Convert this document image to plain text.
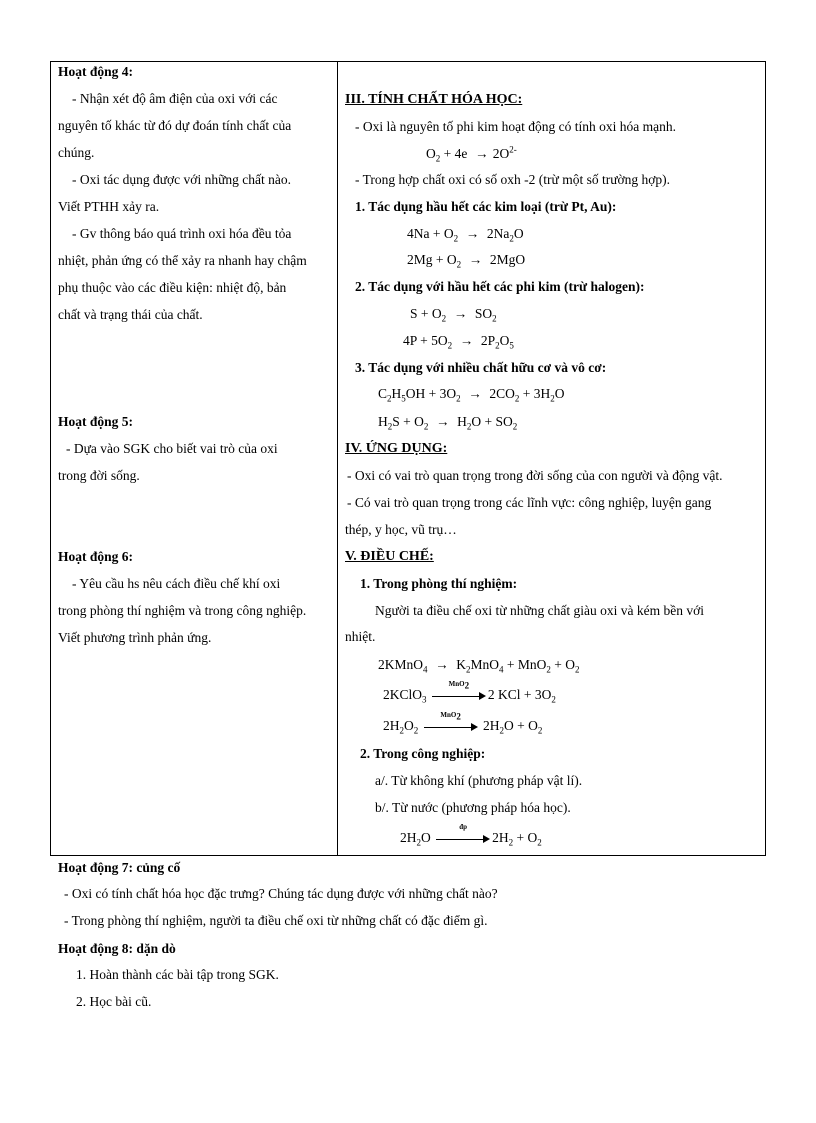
Hoạt động 4:
- Nhận xét độ âm điện của oxi với các
nguyên tố khác từ đó dự đoán tính chất của
chúng.
- Oxi tác dụng được với những chất nào.
Viết PTHH xảy ra.
- Gv thông báo quá trình oxi hóa đều tỏa
nhiệt, phản ứng có thể xảy ra nhanh hay chậm
phụ thuộc vào các điều kiện: nhiệt độ, bản
chất và trạng thái của chất.
Hoạt động 5:
- Dựa vào SGK cho biết vai trò của oxi
trong đời sống.
Hoạt động 6:
- Yêu cầu hs nêu cách điều chế khí oxi
trong phòng thí nghiệm và trong công nghiệp.
Viết phương trình phản ứng.
III. TÍNH CHẤT HÓA HỌC:
- Oxi là nguyên tố phi kim hoạt động có tính oxi hóa mạnh.
$O_2 + 4e \to 2O^{2-}$
- Trong hợp chất oxi có số oxh -2 (trừ một số trường hợp).
1. Tác dụng hầu hết các kim loại (trừ Pt, Au):
$4Na + O_2 \to 2Na_2O$
$2Mg + O_2 \to 2MgO$
2. Tác dụng với hầu hết các phi kim (trừ halogen):
$S + O_2 \to SO_2$
$4P + 5O_2 \to 2P_2O_5$
3. Tác dụng với nhiều chất hữu cơ và vô cơ:
$C_2H_5OH + 3O_2 \to 2CO_2 + 3H_2O$
$H_2S + O_2 \to H_2O + SO_2$
IV. ỨNG DỤNG:
- Oxi có vai trò quan trọng trong đời sống của con người và động vật.
- Có vai trò quan trọng trong các lĩnh vực: công nghiệp, luyện gang
thép, y học, vũ trụ…
V. ĐIỀU CHẾ:
1. Trong phòng thí nghiệm:
Người ta điều chế oxi từ những chất giàu oxi và kém bền với
nhiệt.
2KMnO$_4$ → $K_2MnO_4 + MnO_2 + O_2$
2KClO$_3$
MnO$_2$
2 KCl + $3O_2$
$2H_2O_2$
MnO$_2$
$2H_2O + O_2$
2. Trong công nghiệp:
a/. Từ không khí (phương pháp vật lí).
b/. Từ nước (phương pháp hóa học).
$2H_2O$
đp
$2H_2 + O_2$
Hoạt động 7: củng cố
- Oxi có tính chất hóa học đặc trưng? Chúng tác dụng được với những chất nào?
- Trong phòng thí nghiệm, người ta điều chế oxi từ những chất có đặc điểm gì.
Hoạt động 8: dặn dò
1. Hoàn thành các bài tập trong SGK.
2. Học bài cũ.
